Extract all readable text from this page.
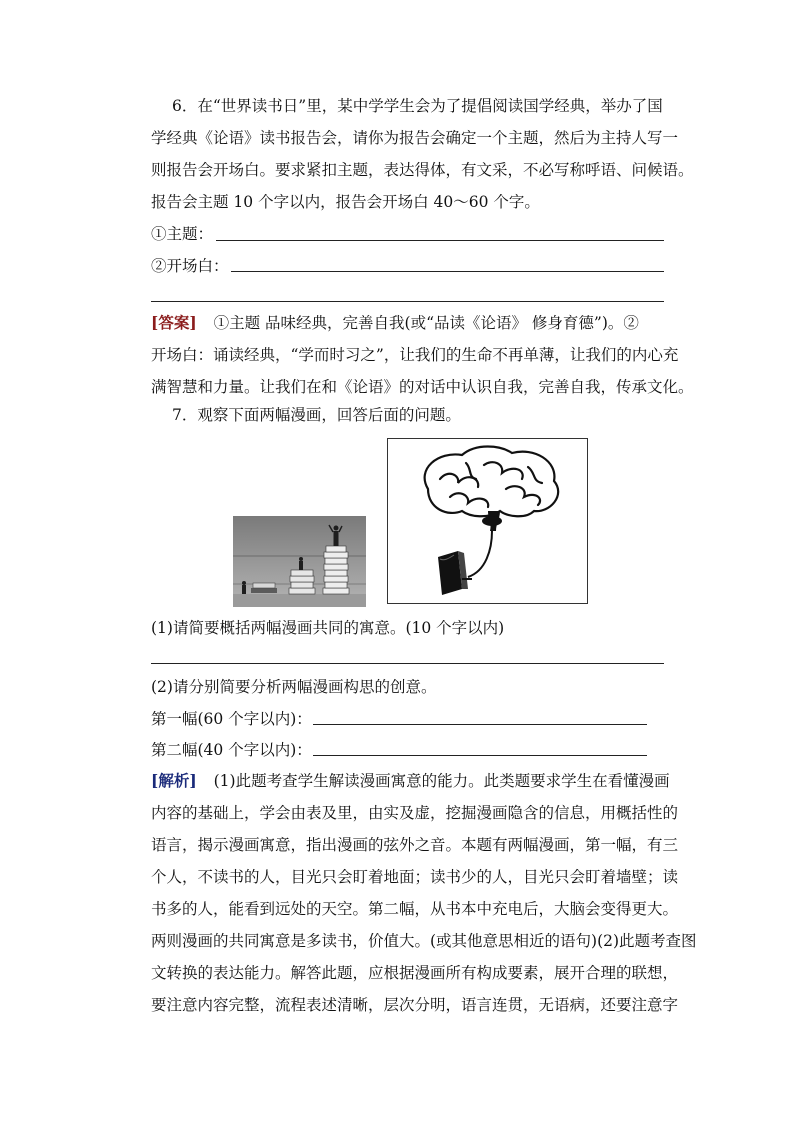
6．在“世界读书日”里，某中学学生会为了提倡阅读国学经典，举办了国
学经典《论语》读书报告会，请你为报告会确定一个主题，然后为主持人写一
则报告会开场白。要求紧扣主题，表达得体，有文采，不必写称呼语、问候语。
报告会主题 10 个字以内，报告会开场白 40～60 个字。
①主题：
②开场白：
[答案] ①主题 品味经典，完善自我(或“品读《论语》 修身育德”)。②
开场白：诵读经典，“学而时习之”，让我们的生命不再单薄，让我们的内心充
满智慧和力量。让我们在和《论语》的对话中认识自我，完善自我，传承文化。
7．观察下面两幅漫画，回答后面的问题。
(1)请简要概括两幅漫画共同的寓意。(10 个字以内)
(2)请分别简要分析两幅漫画构思的创意。
第一幅(60 个字以内)：
第二幅(40 个字以内)：
[解析] (1)此题考查学生解读漫画寓意的能力。此类题要求学生在看懂漫画
内容的基础上，学会由表及里，由实及虚，挖掘漫画隐含的信息，用概括性的
语言，揭示漫画寓意，指出漫画的弦外之音。本题有两幅漫画，第一幅，有三
个人，不读书的人，目光只会盯着地面；读书少的人，目光只会盯着墙壁；读
书多的人，能看到远处的天空。第二幅，从书本中充电后，大脑会变得更大。
两则漫画的共同寓意是多读书，价值大。(或其他意思相近的语句)(2)此题考查图
文转换的表达能力。解答此题，应根据漫画所有构成要素，展开合理的联想，
要注意内容完整，流程表述清晰，层次分明，语言连贯，无语病，还要注意字
